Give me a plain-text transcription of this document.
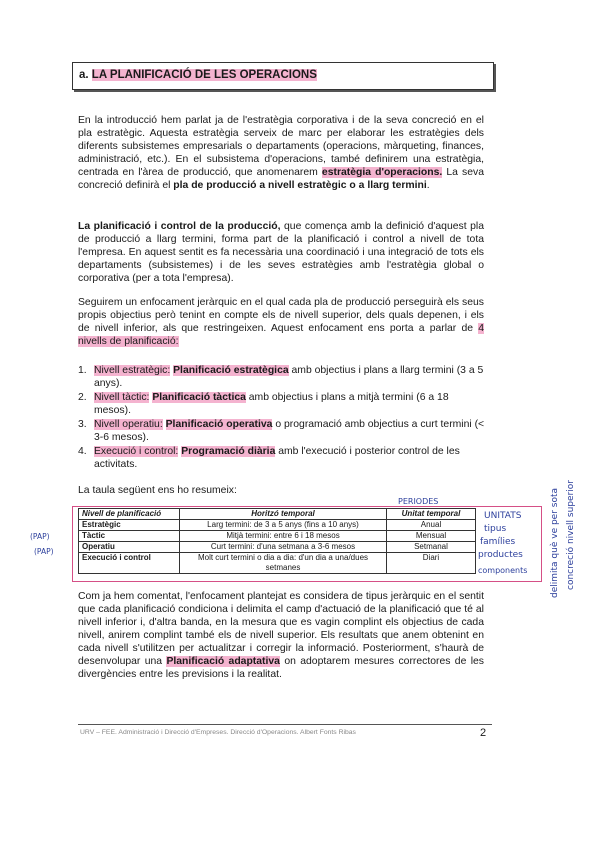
a. LA PLANIFICACIÓ DE LES OPERACIONS

En la introducció hem parlat ja de l'estratègia corporativa i de la seva concreció en el pla estratègic. Aquesta estratègia serveix de marc per elaborar les estratègies dels diferents subsistemes empresarials o departaments (operacions, màrqueting, finances, administració, etc.). En el subsistema d'operacions, també definirem una estratègia, centrada en l'àrea de producció, que anomenarem estratègia d'operacions. La seva concreció definirà el pla de producció a nivell estratègic o a llarg termini.

La planificació i control de la producció, que comença amb la definició d'aquest pla de producció a llarg termini, forma part de la planificació i control a nivell de tota l'empresa. En aquest sentit es fa necessària una coordinació i una integració de tots els departaments (subsistemes) i de les seves estratègies amb l'estratègia global o corporativa (per a tota l'empresa).

Seguirem un enfocament jeràrquic en el qual cada pla de producció perseguirà els seus propis objectius però tenint en compte els de nivell superior, dels quals depenen, i els de nivell inferior, als que restringeixen. Aquest enfocament ens porta a parlar de 4 nivells de planificació:

1. Nivell estratègic: Planificació estratègica amb objectius i plans a llarg termini (3 a 5 anys).
2. Nivell tàctic: Planificació tàctica amb objectius i plans a mitjà termini (6 a 18 mesos).
3. Nivell operatiu: Planificació operativa o programació amb objectius a curt termini (< 3-6 mesos).
4. Execució i control: Programació diària amb l'execució i posterior control de les activitats.

La taula següent ens ho resumeix:

Nivell de planificació	Horitzó temporal	Unitat temporal
Estratègic	Larg termini: de 3 a 5 anys (fins a 10 anys)	Anual
Tàctic	Mitjà termini: entre 6 i 18 mesos	Mensual
Operatiu	Curt termini: d'una setmana a 3-6 mesos	Setmanal
Execució i control	Molt curt termini o dia a dia: d'un dia a una/dues setmanes	Diari
PERIODES
UNITATS
tipus
famílies
productes
components
(PAP)
(PAP)	delimita què ve per sota concreció nivell superior

Com ja hem comentat, l'enfocament plantejat es considera de tipus jeràrquic en el sentit que cada planificació condiciona i delimita el camp d'actuació de la planificació que té al nivell inferior i, d'altra banda, en la mesura que es vagin complint els objectius de cada nivell, anirem complint també els de nivell superior. Els resultats que anem obtenint en cada nivell s'utilitzen per actualitzar i corregir la informació. Posteriorment, s'haurà de desenvolupar una Planificació adaptativa on adoptarem mesures correctores de les divergències entre les previsions i la realitat.

URV – FEE. Administració i Direcció d'Empreses. Direcció d'Operacions. Albert Fonts Ribas	2
